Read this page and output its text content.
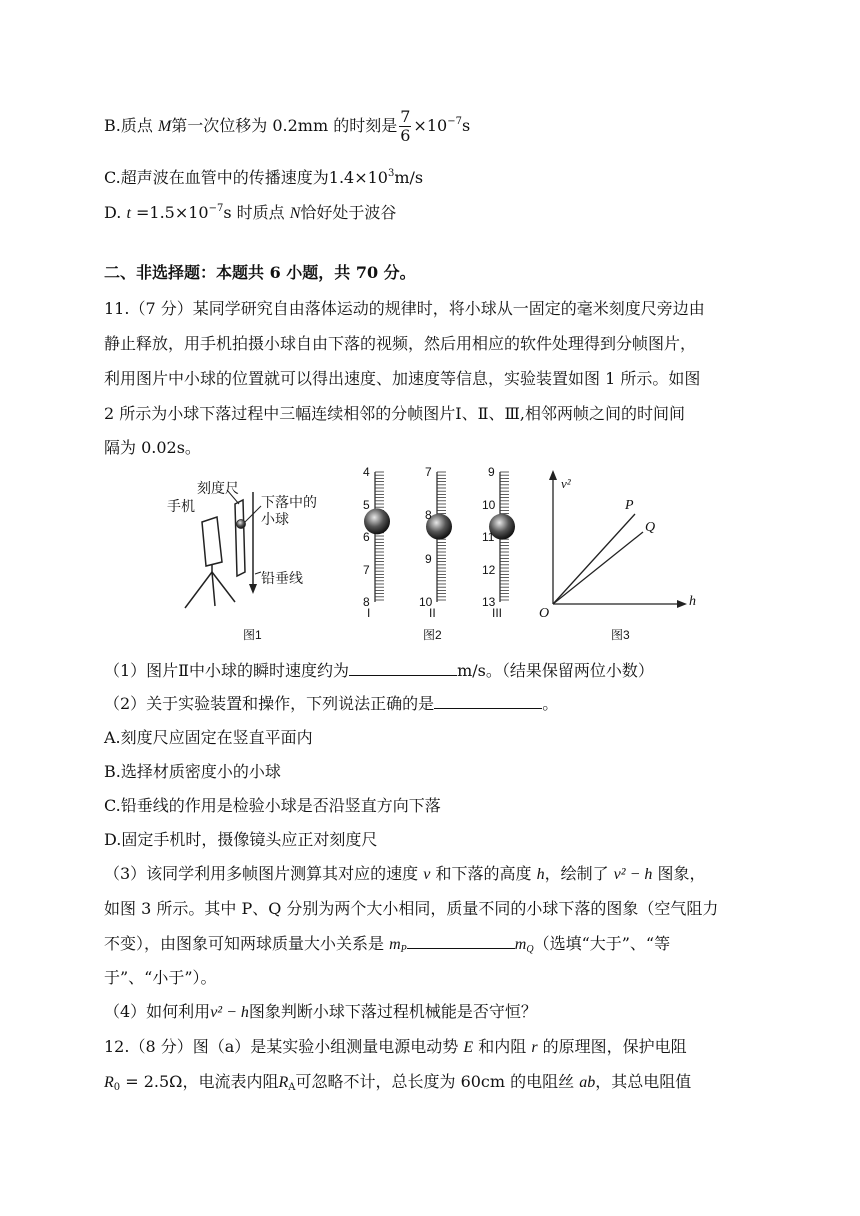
B.质点 M第一次位移为 0.2mm 的时刻是 $\frac{7}{6} \times 10^{-7}s$
C.超声波在血管中的传播速度为$1.4\times 10^3m/s$
D. $t =1.5\times 10^{-7}s$ 时质点 N恰好处于波谷
二、非选择题：本题共 6 小题，共 70 分。
11.（7 分）某同学研究自由落体运动的规律时，将小球从一固定的毫米刻度尺旁边由
静止释放，用手机拍摄小球自由下落的视频，然后用相应的软件处理得到分帧图片，
利用图片中小球的位置就可以得出速度、加速度等信息，实验装置如图 1 所示。如图
2 所示为小球下落过程中三幅连续相邻的分帧图片Ⅰ、Ⅱ、Ⅲ,相邻两帧之间的时间间
隔为 0.02s。
刻度尺
手机	下落中的
小球
铅垂线
图1
4
5
6
7
8
I
7
8
9
10
II
9
10
11
12
13
III
图2
v²
h
O
P
Q
图3
（1）图片Ⅱ中小球的瞬时速度约为	m/s。（结果保留两位小数）
（2）关于实验装置和操作，下列说法正确的是	。
A.刻度尺应固定在竖直平面内
B.选择材质密度小的小球
C.铅垂线的作用是检验小球是否沿竖直方向下落
D.固定手机时，摄像镜头应正对刻度尺
（3）该同学利用多帧图片测算其对应的速度 v 和下落的高度 h，绘制了 v² − h 图象，
如图 3 所示。其中 P、Q 分别为两个大小相同，质量不同的小球下落的图象（空气阻力
不变），由图象可知两球质量大小关系是 $m_P$	$m_Q$（选填“大于”、“等
于”、“小于”）。
（4）如何利用v² − h图象判断小球下落过程机械能是否守恒？
12.（8 分）图（a）是某实验小组测量电源电动势 E 和内阻 r 的原理图，保护电阻
$R_0 = 2.5\Omega$，电流表内阻$R_A$可忽略不计，总长度为 60cm 的电阻丝 ab，其总电阻值
